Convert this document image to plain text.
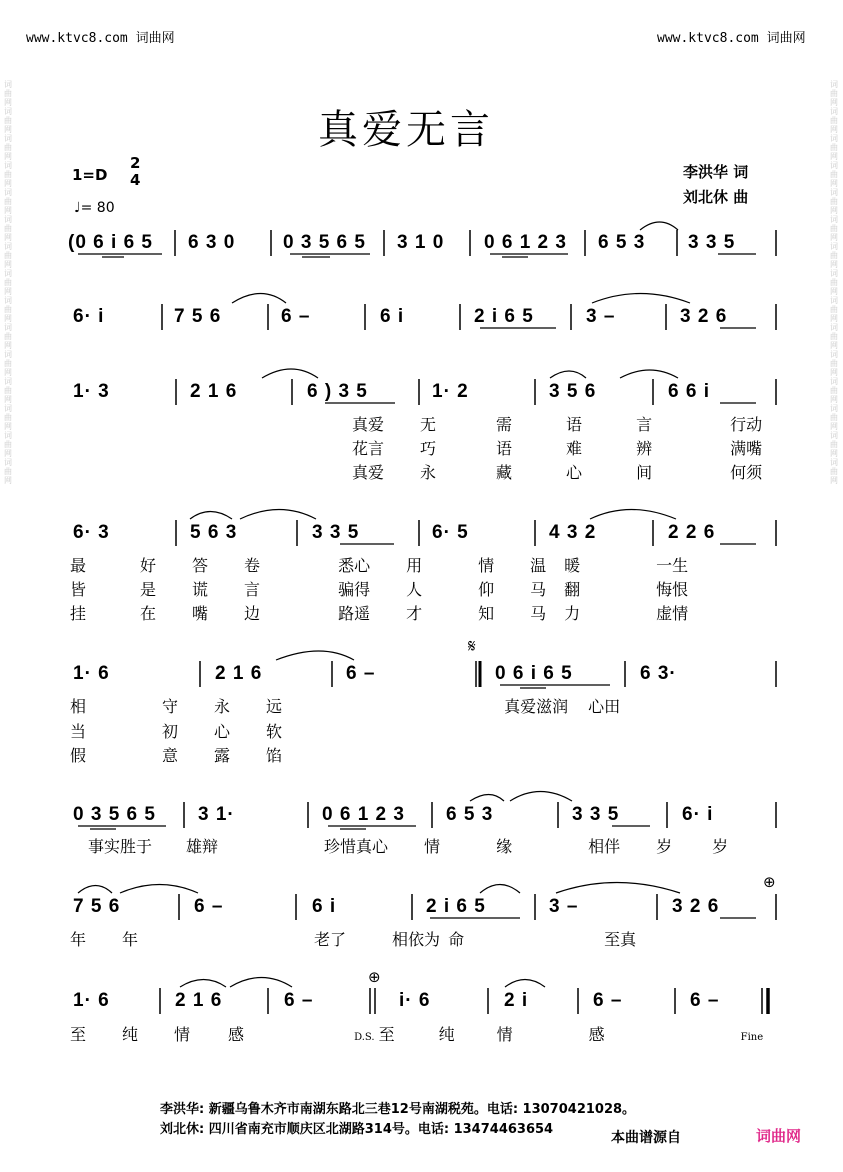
www.ktvc8.com 词曲网	www.ktvc8.com 词曲网
词曲网词曲网词曲网词曲网词曲网词曲网词曲网词曲网词曲网词曲网词曲网词曲网词曲网词曲网词曲网
词曲网词曲网词曲网词曲网词曲网词曲网词曲网词曲网词曲网词曲网词曲网词曲网词曲网词曲网词曲网
真爱无言
1=D
2
4
♩= 80
李洪华 词
刘北休 曲
(0 6 i 6 5 6 3 0	0 3 5 6 5 3 1 0 0 6 1 2 3 6 5 3 3 3 5
6· i	7 5 6	6 –	6 i	2 i 6 5	3 –	3 2 6
1· 3	2 1 6	6 ) 3 5	1· 2	3 5 6	6 6 i
真爱 无	需	语	言	行动
花言 巧	语	难	辨	满嘴
真爱 永	藏	心	间	何须
6· 3	5 6 3	3 3 5	6· 5	4 3 2	2 2 6
最	好 答 卷	悉心 用	情 温 暖	一生
皆	是 谎 言	骗得 人	仰 马 翻	悔恨
挂	在 嘴 边	路遥 才	知 马 力	虚情
1· 6	2 1 6	6 –	0 6 i 6 5	6 3·
𝄋
相	守 永 远	真爱滋润 心田
当	初 心 软
假	意 露 馅
0 3 5 6 5 3 1·	0 6 1 2 3 6 5 3	3 3 5	6· i
事实胜于 雄辩	珍惜真心 情	缘	相伴 岁	岁
7 5 6	6 –	6 i	2 i 6 5	3 –	3 2 6
⊕
年 年	老了	相依为 命	至真
1· 6	2 1 6	6 –	i· 6	2 i	6 –	6 –
⊕
至 纯 情 感	D.S. 至	纯	情	感	Fine
李洪华: 新疆乌鲁木齐市南湖东路北三巷12号南湖税苑。电话: 13070421028。
刘北休: 四川省南充市顺庆区北湖路314号。电话: 13474463654
本曲谱源自	词曲网
